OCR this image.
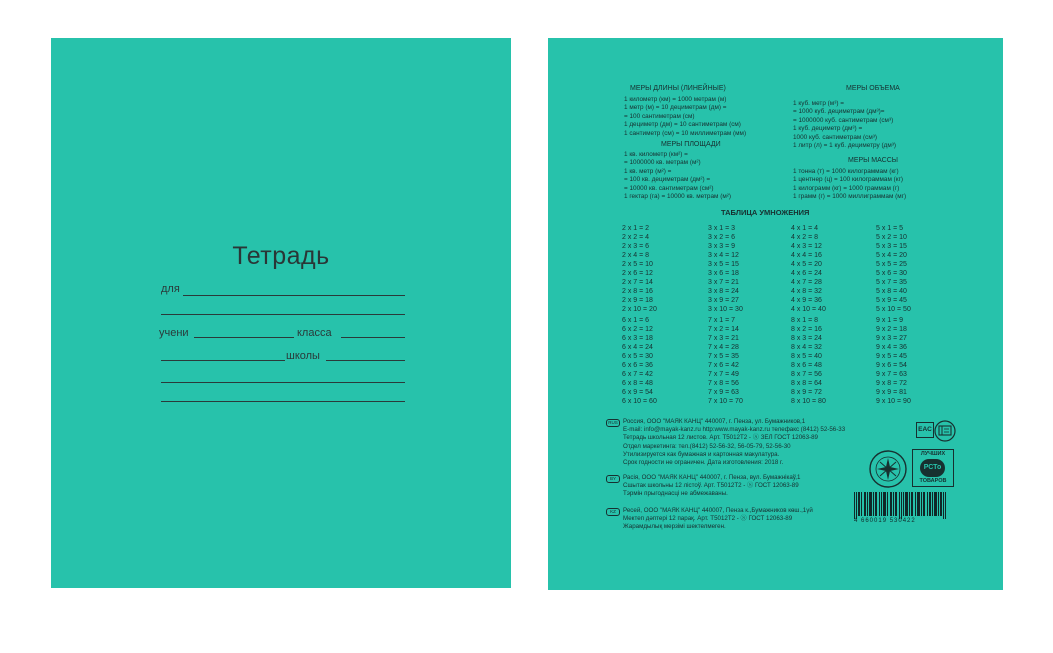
Тетрадь
для
учени	класса
школы
МЕРЫ ДЛИНЫ (ЛИНЕЙНЫЕ)
1 километр (км) = 1000 метрам (м)
1 метр (м) = 10 дециметрам (дм) =
= 100 сантиметрам (см)
1 дециметр (дм) = 10 сантиметрам (см)
1 сантиметр (см) = 10 миллиметрам (мм)
МЕРЫ ПЛОЩАДИ
1 кв. километр (км²) =
= 1000000 кв. метрам (м²)
1 кв. метр (м²) =
= 100 кв. дециметрам (дм²) =
= 10000 кв. сантиметрам (см²)
1 гектар (га) = 10000 кв. метрам (м²)
МЕРЫ ОБЪЕМА
1 куб. метр (м³) =
= 1000 куб. дециметрам (дм³)=
= 1000000 куб. сантиметрам (см³)
1 куб. дециметр (дм³) =
1000 куб. сантиметрам (см³)
1 литр (л) = 1 куб. дециметру (дм³)
МЕРЫ МАССЫ
1 тонна (т) = 1000 килограммам (кг)
1 центнер (ц) = 100 килограммам (кг)
1 килограмм (кг) = 1000 граммам (г)
1 грамм (г) = 1000 миллиграммам (мг)
ТАБЛИЦА УМНОЖЕНИЯ
2 x 1 = 2
2 x 2 = 4
2 x 3 = 6
2 x 4 = 8
2 x 5 = 10
2 x 6 = 12
2 x 7 = 14
2 x 8 = 16
2 x 9 = 18
2 x 10 = 20
3 x 1 = 3
3 x 2 = 6
3 x 3 = 9
3 x 4 = 12
3 x 5 = 15
3 x 6 = 18
3 x 7 = 21
3 x 8 = 24
3 x 9 = 27
3 x 10 = 30
4 x 1 = 4
4 x 2 = 8
4 x 3 = 12
4 x 4 = 16
4 x 5 = 20
4 x 6 = 24
4 x 7 = 28
4 x 8 = 32
4 x 9 = 36
4 x 10 = 40
5 x 1 = 5
5 x 2 = 10
5 x 3 = 15
5 x 4 = 20
5 x 5 = 25
5 x 6 = 30
5 x 7 = 35
5 x 8 = 40
5 x 9 = 45
5 x 10 = 50
6 x 1 = 6
6 x 2 = 12
6 x 3 = 18
6 x 4 = 24
6 x 5 = 30
6 x 6 = 36
6 x 7 = 42
6 x 8 = 48
6 x 9 = 54
6 x 10 = 60
7 x 1 = 7
7 x 2 = 14
7 x 3 = 21
7 x 4 = 28
7 x 5 = 35
7 x 6 = 42
7 x 7 = 49
7 x 8 = 56
7 x 9 = 63
7 x 10 = 70
8 x 1 = 8
8 x 2 = 16
8 x 3 = 24
8 x 4 = 32
8 x 5 = 40
8 x 6 = 48
8 x 7 = 56
8 x 8 = 64
8 x 9 = 72
8 x 10 = 80
9 x 1 = 9
9 x 2 = 18
9 x 3 = 27
9 x 4 = 36
9 x 5 = 45
9 x 6 = 54
9 x 7 = 63
9 x 8 = 72
9 x 9 = 81
9 x 10 = 90
RUS Россия, ООО "МАЯК КАНЦ" 440007, г. Пенза, ул. Бумажников,1
E-mail: info@mayak-kanz.ru http:www.mayak-kanz.ru телефакс (8412) 52-56-33
Тетрадь школьная 12 листов. Арт. Т5012Т2 - Ⓢ ЗЕЛ ГОСТ 12063-89
Отдел маркетинга: тел.(8412) 52-56-32, 56-05-79, 52-56-30
Утилизируется как бумажная и картонная макулатура.
Срок годности не ограничен. Дата изготовления: 2018 г.
BY	Расія, ООО "МАЯК КАНЦ" 440007, г. Пенза, вул. Бумажнікаў,1
Сшытак школьны 12 лістоў. Арт. Т5012Т2 - Ⓢ ГОСТ 12063-89
Тэрмін прыгоднасці не абмежаваны.
KZ	Ресей, ООО "МАЯК КАНЦ" 440007, Пенза к.,Бумажников көш.,1үй
Мектеп дәптері 12 парақ. Арт. Т5012Т2 - Ⓢ ГОСТ 12063-89
Жарамдылық мерзімі шектелмеген.
EAC
ЛУЧШИХ
РСТо
ТОВАРОВ
4 660019 530422
